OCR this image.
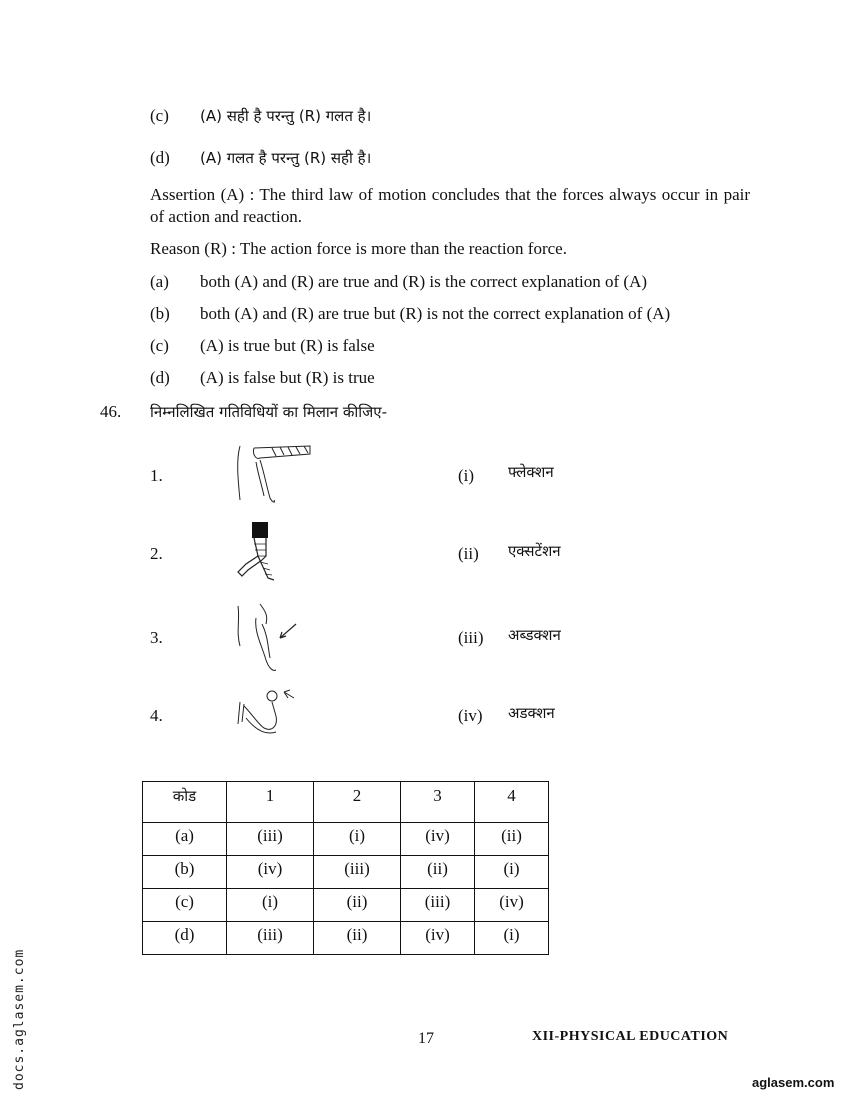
(c)	(A) सही है परन्तु (R) गलत है।
(d)	(A) गलत है परन्तु (R) सही है।
Assertion (A) : The third law of motion concludes that the forces always occur in pair of action and reaction.
Reason (R) : The action force is more than the reaction force.
(a)	both (A) and (R) are true and (R) is the correct explanation of (A)
(b)	both (A) and (R) are true but (R) is not the correct explanation of (A)
(c)	(A) is true but (R) is false
(d)	(A) is false but (R) is true
46. निम्नलिखित गतिविधियों का मिलान कीजिए-
1.	(i) फ्लेक्शन
2.	(ii) एक्सटेंशन
3.	(iii) अब्डक्शन
4.	(iv) अडक्शन
कोड	1	2	3	4
(a)	(iii)	(i)	(iv)	(ii)
(b)	(iv)	(iii)	(ii)	(i)
(c)	(i)	(ii)	(iii)	(iv)
(d)	(iii)	(ii)	(iv)	(i)
17	XII-PHYSICAL EDUCATION
docs.aglasem.com	aglasem.com
